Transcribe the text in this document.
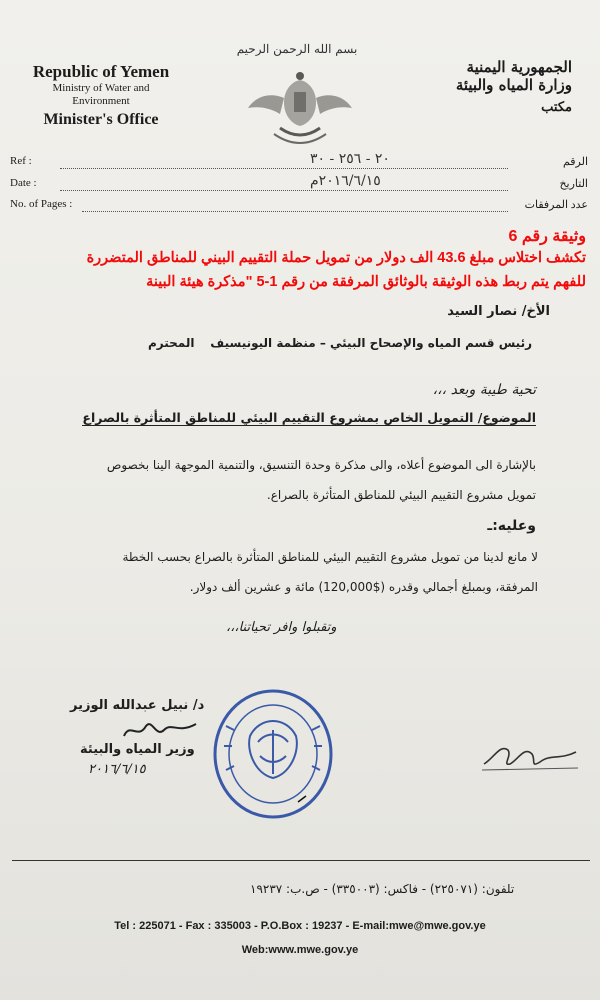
Republic of Yemen
Ministry of Water and
Environment
Minister's Office
بسم الله الرحمن الرحيم
الجمهورية اليمنية
وزارة المياه والبيئة
مكتب
Ref :	٢٠ - ٢٥٦ - ٣٠	الرقم
Date :	٢٠١٦/٦/١٥م	التاريخ
No. of Pages :	عدد المرفقات
وثيقة رقم 6
تكشف اختلاس مبلغ 43.6 الف دولار من تمويل حملة التقييم البيني للمناطق المتضررة
للفهم يتم ربط هذه الوثيقة بالوثائق المرفقة من رقم 1-5 "مذكرة هيئة البينة
الأخ/ نصار السيد
رئيس قسم المياه والإصحاح البيئي – منظمة اليونيسيف
المحترم
تحية طيبة وبعد ،،،
الموضوع/ التمويل الخاص بمشروع التقييم البيئي للمناطق المتأثرة بالصراع
بالإشارة الى الموضوع أعلاه، والى مذكرة وحدة التنسيق، والتنمية الموجهة الينا بخصوص
تمويل مشروع التقييم البيئي للمناطق المتأثرة بالصراع.
وعليه:ـ
لا مانع لدينا من تمويل مشروع التقييم البيئي للمناطق المتأثرة بالصراع بحسب الخطة
المرفقة، وبمبلغ أجمالي وقدره ($120,000) مائة و عشرين ألف دولار.
وتقبلوا وافر تحياتنا،،،
د/ نبيل عبدالله الوزير
وزير المياه والبيئة
٢٠١٦/٦/١٥
تلفون: (٢٢٥٠٧١) - فاكس: (٣٣٥٠٠٣) - ص.ب: ١٩٢٣٧
Tel : 225071 - Fax : 335003 - P.O.Box : 19237 - E-mail:mwe@mwe.gov.ye
Web:www.mwe.gov.ye
